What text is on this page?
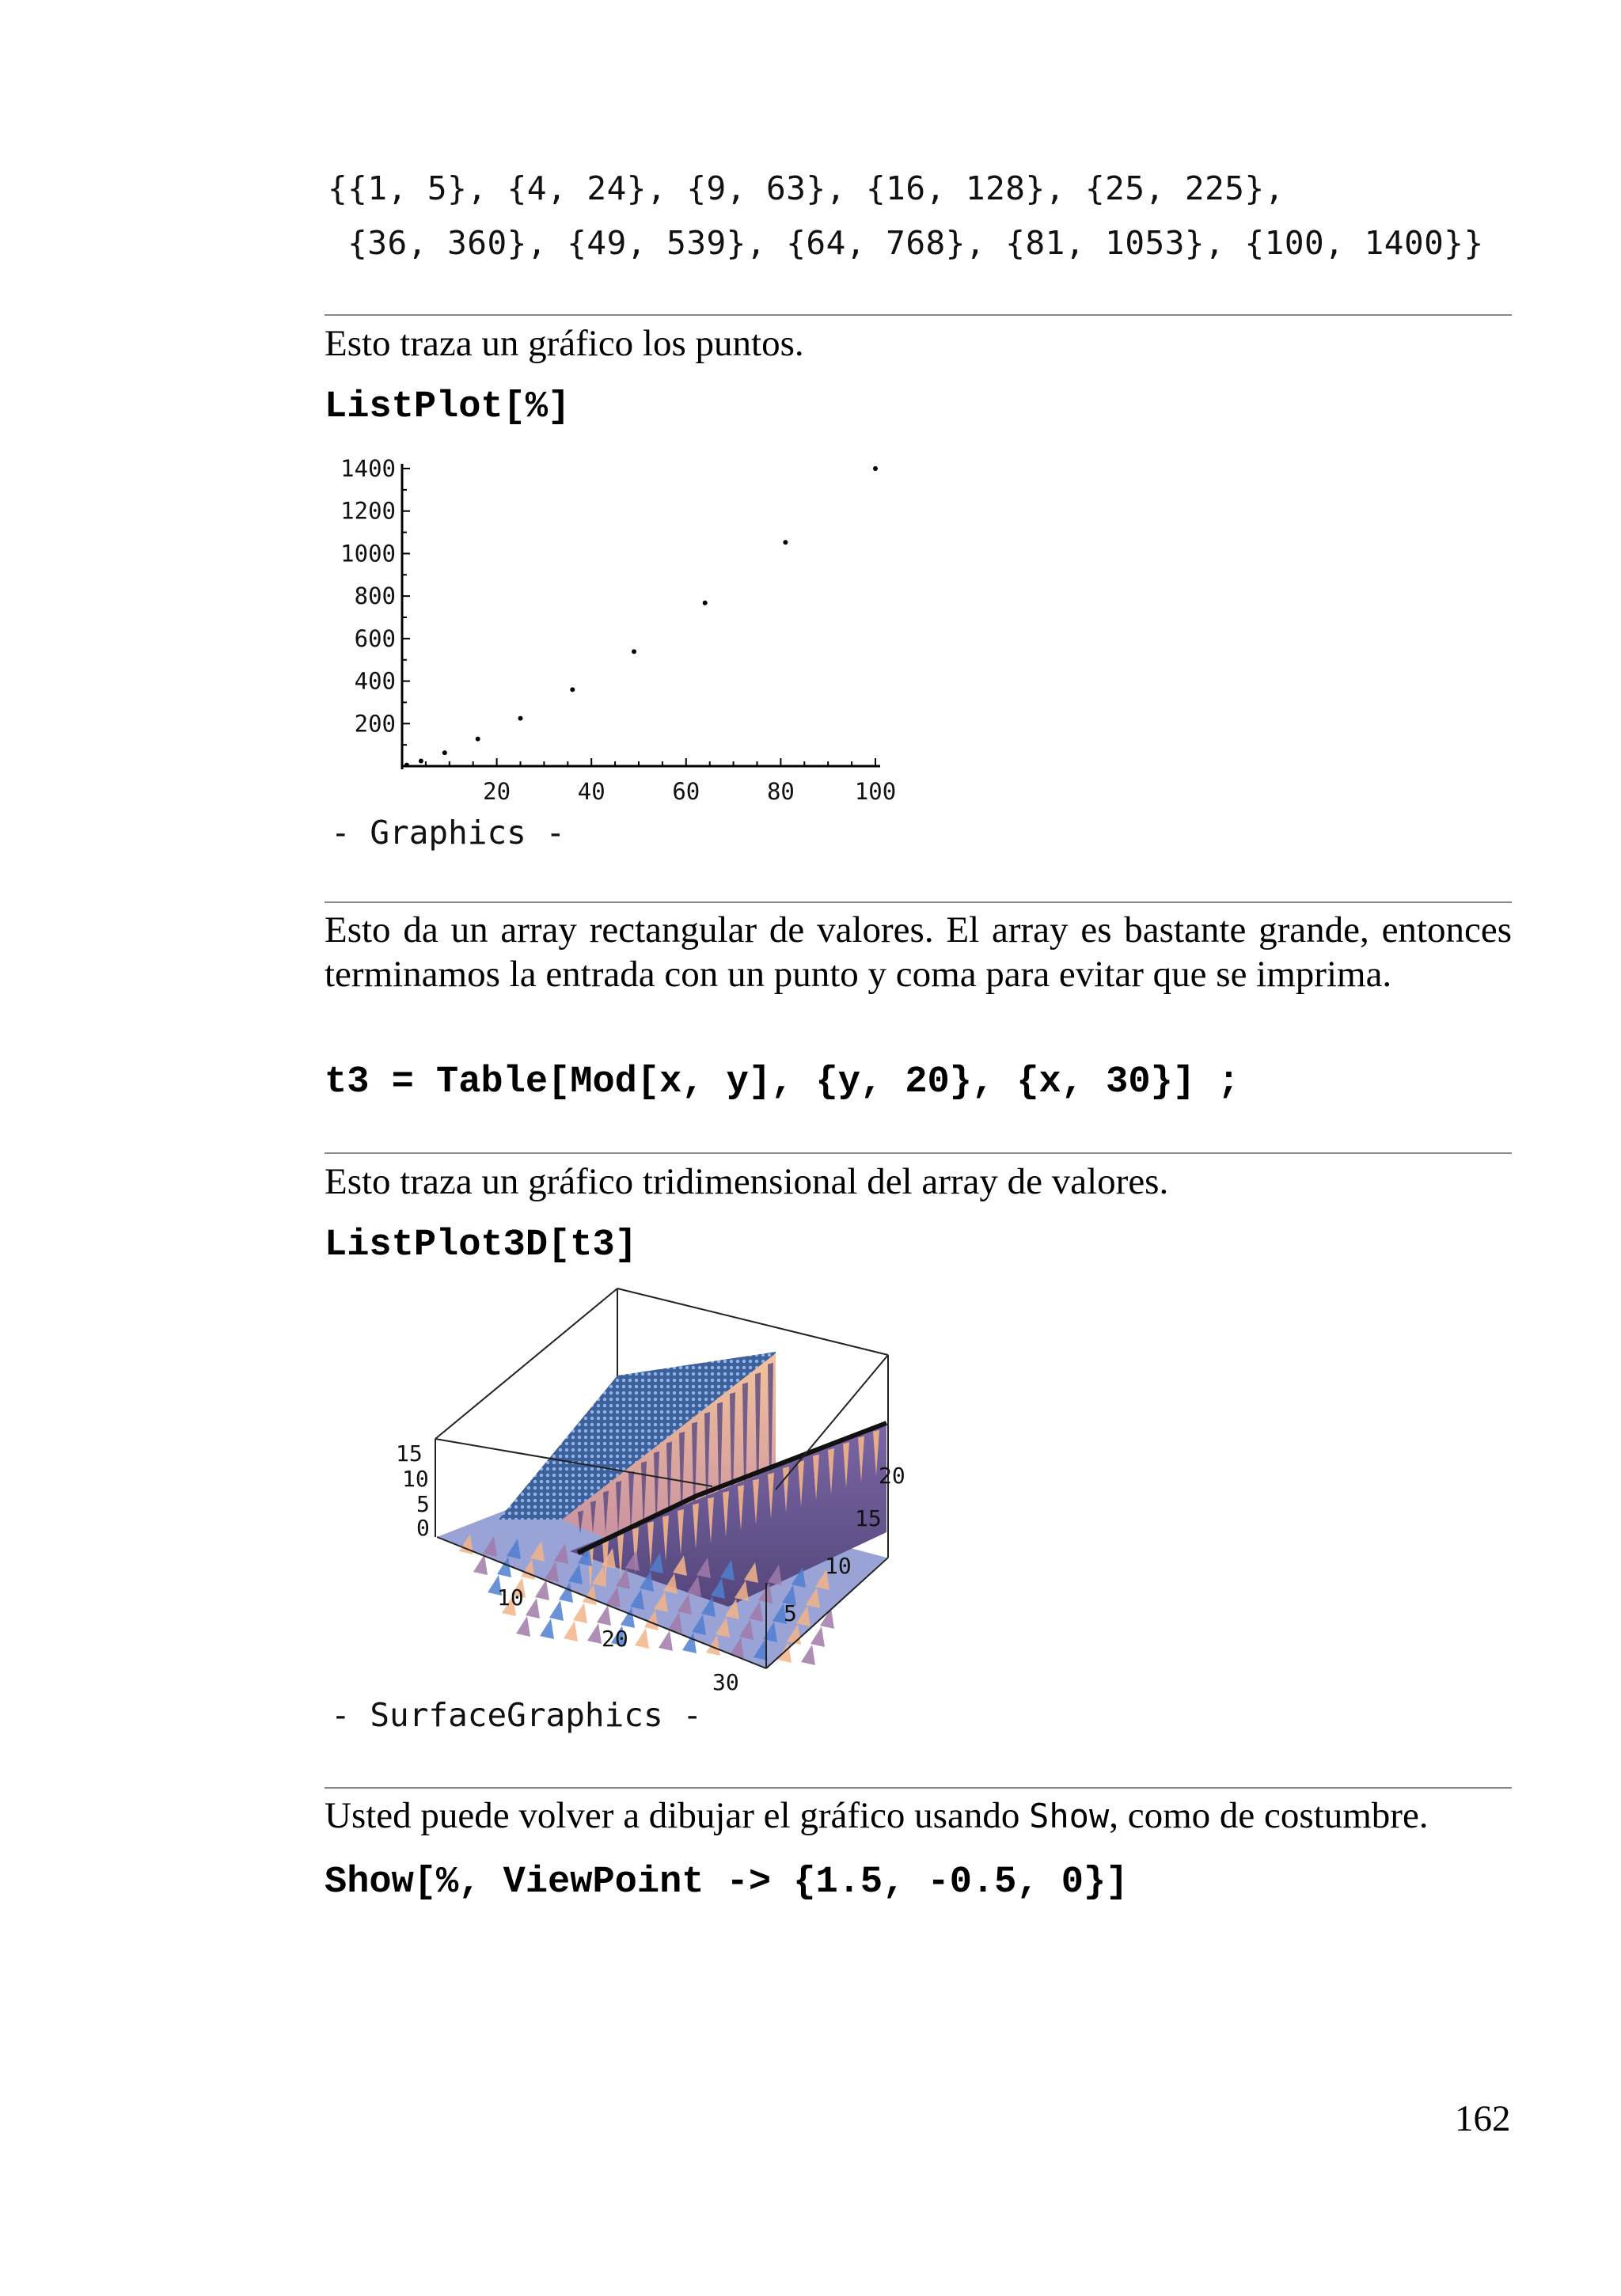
{{1, 5}, {4, 24}, {9, 63}, {16, 128}, {25, 225},
{36, 360}, {49, 539}, {64, 768}, {81, 1053}, {100, 1400}}
Esto traza un gráfico los puntos.
ListPlot[%]
20	40	60	80	100
200
400
600
800
1000
1200
1400
- Graphics -
Esto da un array rectangular de valores. El array es bastante grande, entonces terminamos la entrada con un punto y coma para evitar que se imprima.
t3 = Table[Mod[x, y], {y, 20}, {x, 30}] ;
Esto traza un gráfico tridimensional del array de valores.
ListPlot3D[t3]
15
10
5
0
10
20
30
20
15
10
5
- SurfaceGraphics -
Usted puede volver a dibujar el gráfico usando Show, como de costumbre.
Show[%, ViewPoint -> {1.5, -0.5, 0}]
162
